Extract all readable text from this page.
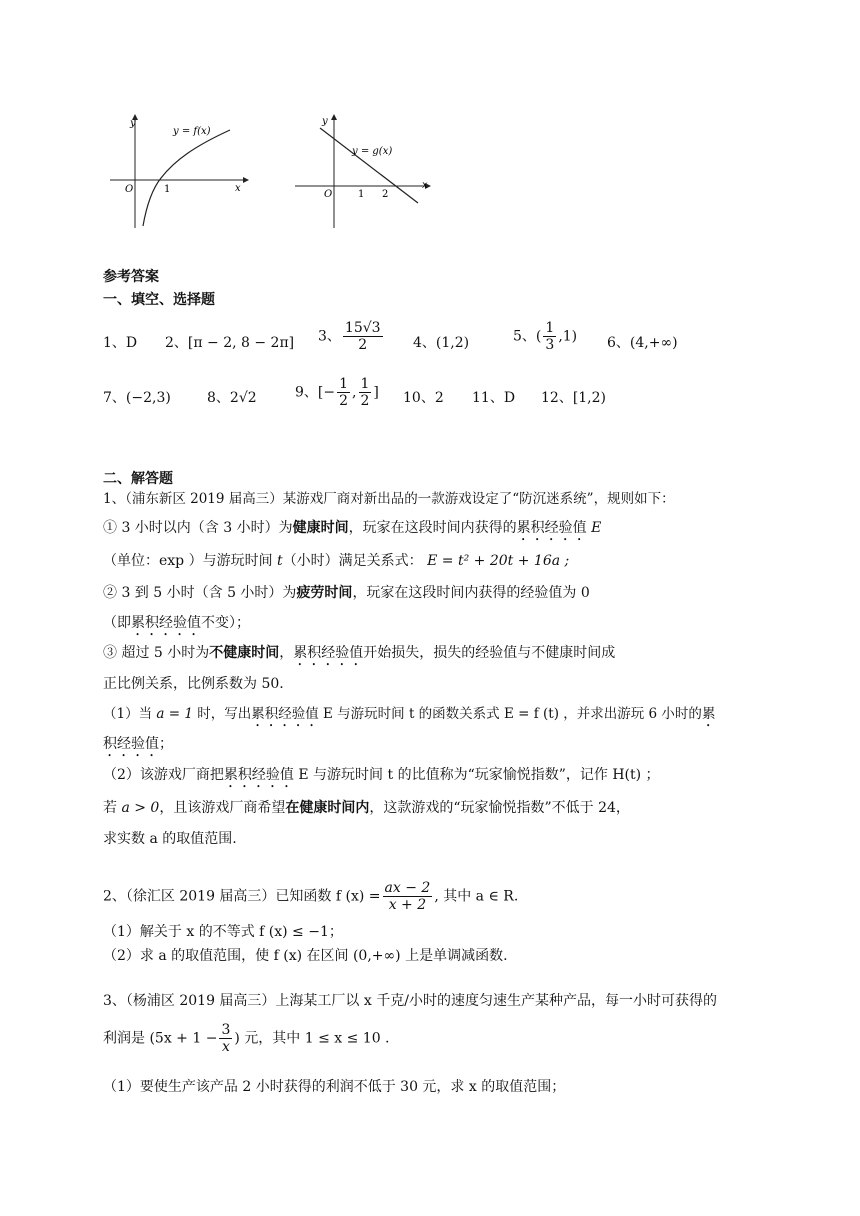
y
x
O	1
y = f(x)
y
x
O	1 2
y = g(x)
参考答案
一、填空、选择题
1、D 2、[π − 2, 8 − 2π] 3、 $\frac{15√3}{2} 4$、(1,2)	5、( $\frac{1}{3} ,1$) 6、(4,+∞)
7、(−2,3)	8、2√2	9、[− $\frac{1}{2}$ , $\frac{1}{2}$ ] 10、2 11、D 12、[1,2)
二、解答题
1、（浦东新区 2019 届高三）某游戏厂商对新出品的一款游戏设定了“防沉迷系统”，规则如下：
① 3 小时以内（含 3 小时）为健康时间，玩家在这段时间内获得的累积经验值 E
（单位：exp ）与游玩时间 t（小时）满足关系式： E = t² + 20t + 16a ;
② 3 到 5 小时（含 5 小时）为疲劳时间，玩家在这段时间内获得的经验值为 0
（即累积经验值不变）；
③ 超过 5 小时为不健康时间，累积经验值开始损失，损失的经验值与不健康时间成
正比例关系，比例系数为 50.
（1）当 a = 1 时，写出累积经验值 E 与游玩时间 t 的函数关系式 E = f (t) ，并求出游玩 6 小时的累
积经验值；
（2）该游戏厂商把累积经验值 E 与游玩时间 t 的比值称为“玩家愉悦指数”，记作 H(t) ；
若 a > 0，且该游戏厂商希望在健康时间内，这款游戏的“玩家愉悦指数”不低于 24，
求实数 a 的取值范围.
2、（徐汇区 2019 届高三）已知函数 f $(x) = \frac{ax - 2}{x + 2}$ , 其中 a ∈ R.
（1）解关于 x 的不等式 f (x) ≤ −1；
（2）求 a 的取值范围，使 f (x) 在区间 (0,+∞) 上是单调减函数.
3、（杨浦区 2019 届高三）上海某工厂以 x 千克/小时的速度匀速生产某种产品，每一小时可获得的
利润是 ($5x + 1 - \frac{3}{x}$ ) 元，其中 1 ≤ x ≤ 10 .
（1）要使生产该产品 2 小时获得的利润不低于 30 元，求 x 的取值范围；
